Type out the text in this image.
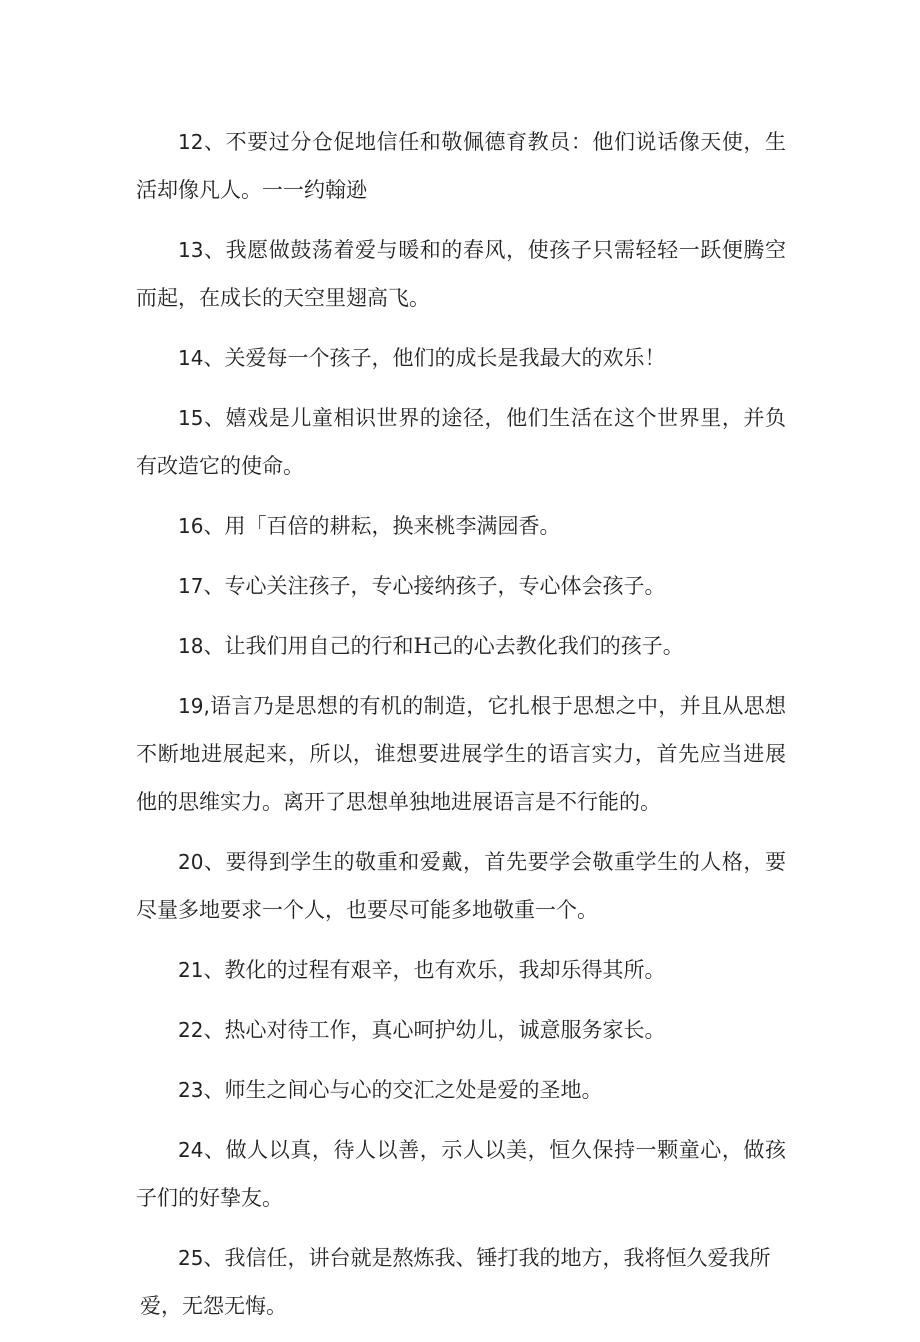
12、不要过分仓促地信任和敬佩德育教员：他们说话像天使，生活却像凡人。一一约翰逊

13、我愿做鼓荡着爱与暖和的春风，使孩子只需轻轻一跃便腾空而起，在成长的天空里翅高飞。

14、关爱每一个孩子，他们的成长是我最大的欢乐！

15、嬉戏是儿童相识世界的途径，他们生活在这个世界里，并负有改造它的使命。

16、用「百倍的耕耘，换来桃李满园香。

17、专心关注孩子，专心接纳孩子，专心体会孩子。

18、让我们用自己的行和H己的心去教化我们的孩子。

19,语言乃是思想的有机的制造，它扎根于思想之中，并且从思想不断地进展起来，所以，谁想要进展学生的语言实力，首先应当进展他的思维实力。离开了思想单独地进展语言是不行能的。

20、要得到学生的敬重和爱戴，首先要学会敬重学生的人格，要尽量多地要求一个人，也要尽可能多地敬重一个。

21、教化的过程有艰辛，也有欢乐，我却乐得其所。

22、热心对待工作，真心呵护幼儿，诚意服务家长。

23、师生之间心与心的交汇之处是爱的圣地。

24、做人以真，待人以善，示人以美，恒久保持一颗童心，做孩子们的好挚友。

25、我信任，讲台就是熬炼我、锤打我的地方，我将恒久爱我所
爱，无怨无悔。
